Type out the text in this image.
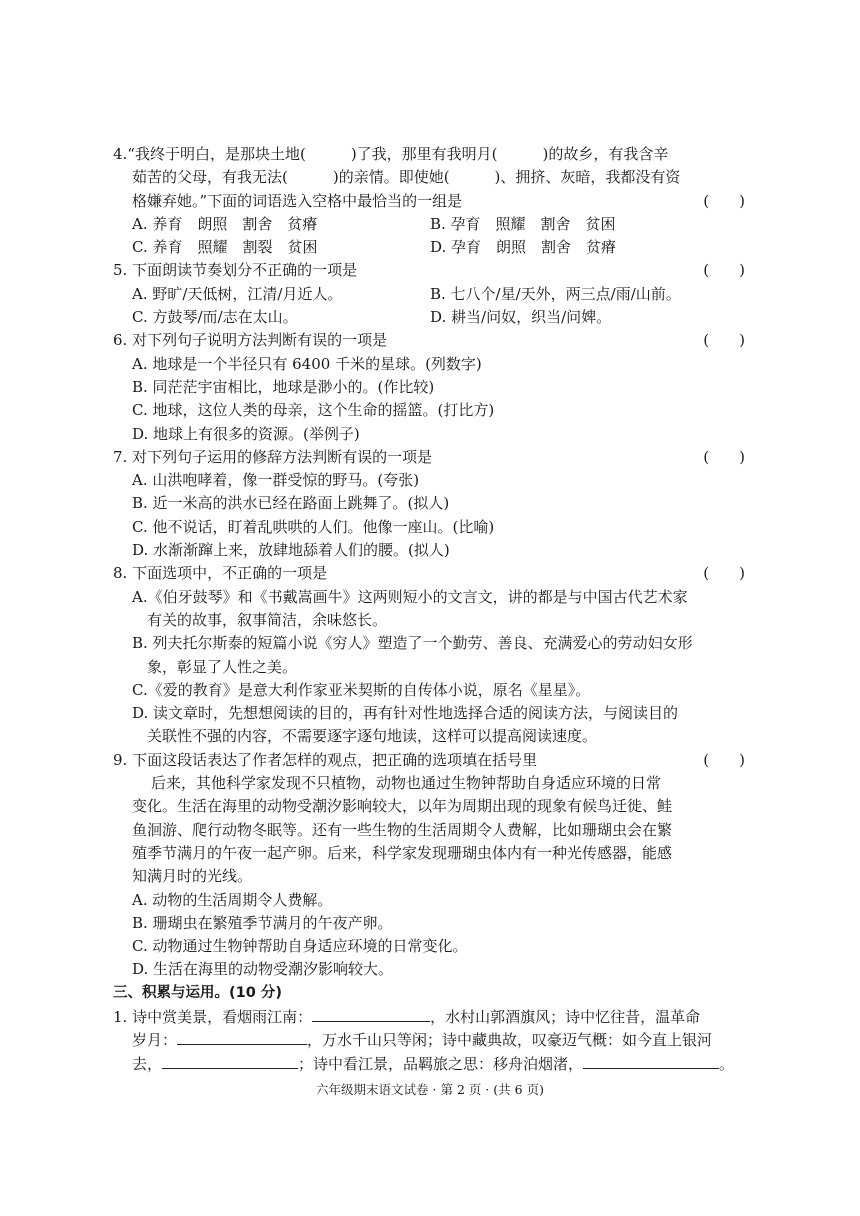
4.“我终于明白，是那块土地(　　　)了我，那里有我明月(　　　)的故乡，有我含辛
茹苦的父母，有我无法(　　　)的亲情。即使她(　　　)、拥挤、灰暗，我都没有资
格嫌弃她。”下面的词语选入空格中最恰当的一组是	(　　)
A. 养育　朗照　割舍　贫瘠	B. 孕育　照耀　割舍　贫困
C. 养育　照耀　割裂　贫困	D. 孕育　朗照　割舍　贫瘠
5. 下面朗读节奏划分不正确的一项是	(　　)
A. 野旷/天低树，江清/月近人。	B. 七八个/星/天外，两三点/雨/山前。
C. 方鼓琴/而/志在太山。	D. 耕当/问奴，织当/问婢。
6. 对下列句子说明方法判断有误的一项是	(　　)
A. 地球是一个半径只有 6400 千米的星球。(列数字)
B. 同茫茫宇宙相比，地球是渺小的。(作比较)
C. 地球，这位人类的母亲，这个生命的摇篮。(打比方)
D. 地球上有很多的资源。(举例子)
7. 对下列句子运用的修辞方法判断有误的一项是	(　　)
A. 山洪咆哮着，像一群受惊的野马。(夸张)
B. 近一米高的洪水已经在路面上跳舞了。(拟人)
C. 他不说话，盯着乱哄哄的人们。他像一座山。(比喻)
D. 水渐渐蹿上来，放肆地舔着人们的腰。(拟人)
8. 下面选项中，不正确的一项是	(　　)
A.《伯牙鼓琴》和《书戴嵩画牛》这两则短小的文言文，讲的都是与中国古代艺术家
有关的故事，叙事简洁，余味悠长。
B. 列夫托尔斯泰的短篇小说《穷人》塑造了一个勤劳、善良、充满爱心的劳动妇女形
象，彰显了人性之美。
C.《爱的教育》是意大利作家亚米契斯的自传体小说，原名《星星》。
D. 读文章时，先想想阅读的目的，再有针对性地选择合适的阅读方法，与阅读目的
关联性不强的内容，不需要逐字逐句地读，这样可以提高阅读速度。
9. 下面这段话表达了作者怎样的观点，把正确的选项填在括号里	(　　)
后来，其他科学家发现不只植物，动物也通过生物钟帮助自身适应环境的日常
变化。生活在海里的动物受潮汐影响较大，以年为周期出现的现象有候鸟迁徙、鲑
鱼洄游、爬行动物冬眠等。还有一些生物的生活周期令人费解，比如珊瑚虫会在繁
殖季节满月的午夜一起产卵。后来，科学家发现珊瑚虫体内有一种光传感器，能感
知满月时的光线。
A. 动物的生活周期令人费解。
B. 珊瑚虫在繁殖季节满月的午夜产卵。
C. 动物通过生物钟帮助自身适应环境的日常变化。
D. 生活在海里的动物受潮汐影响较大。
三、积累与运用。(10 分)
1. 诗中赏美景，看烟雨江南：	，水村山郭酒旗风；诗中忆往昔，温革命
岁月：	，万水千山只等闲；诗中藏典故，叹豪迈气概：如今直上银河
去，	；诗中看江景，品羁旅之思：移舟泊烟渚，	。
六年级期末语文试卷 · 第 2 页 · (共 6 页)
